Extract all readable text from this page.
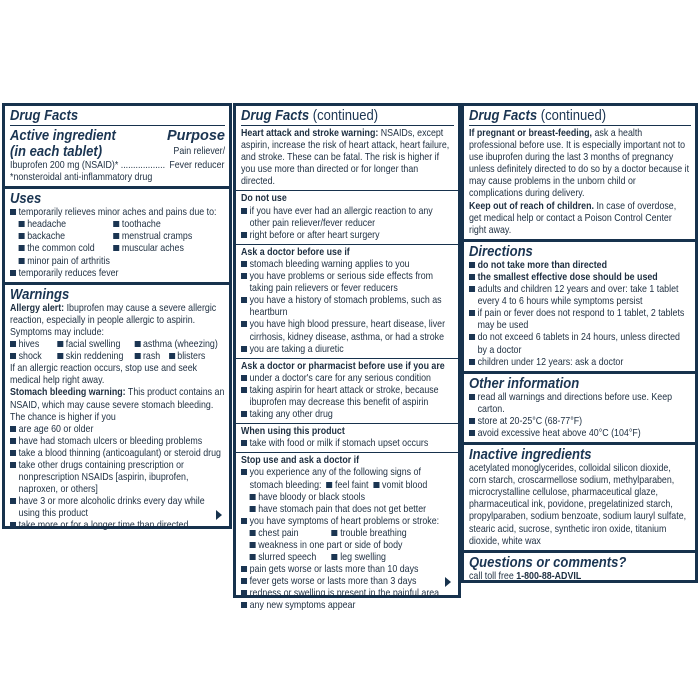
Drug Facts
Active ingredient
(in each tablet)
Purpose
Pain reliever/
Ibuprofen 200 mg (NSAID)* .................. Fever reducer
*nonsteroidal anti-inflammatory drug
Uses
temporarily relieves minor aches and pains due to:
headache	toothache
backache	menstrual cramps
the common cold	muscular aches
minor pain of arthritis
temporarily reduces fever
Warnings
Allergy alert: Ibuprofen may cause a severe allergic reaction, especially in people allergic to aspirin. Symptoms may include:
hives	facial swelling	asthma (wheezing)
shock	skin reddening	rash	blisters
If an allergic reaction occurs, stop use and seek medical help right away.
Stomach bleeding warning: This product contains an NSAID, which may cause severe stomach bleeding. The chance is higher if you
are age 60 or older
have had stomach ulcers or bleeding problems
take a blood thinning (anticoagulant) or steroid drug
take other drugs containing prescription or nonprescription NSAIDs [aspirin, ibuprofen, naproxen, or others]
have 3 or more alcoholic drinks every day while using this product
take more or for a longer time than directed
Drug Facts (continued)
Heart attack and stroke warning: NSAIDs, except aspirin, increase the risk of heart attack, heart failure, and stroke. These can be fatal. The risk is higher if you use more than directed or for longer than directed.
Do not use
if you have ever had an allergic reaction to any other pain reliever/fever reducer
right before or after heart surgery
Ask a doctor before use if
stomach bleeding warning applies to you
you have problems or serious side effects from taking pain relievers or fever reducers
you have a history of stomach problems, such as heartburn
you have high blood pressure, heart disease, liver cirrhosis, kidney disease, asthma, or had a stroke
you are taking a diuretic
Ask a doctor or pharmacist before use if you are
under a doctor's care for any serious condition
taking aspirin for heart attack or stroke, because ibuprofen may decrease this benefit of aspirin
taking any other drug
When using this product
take with food or milk if stomach upset occurs
Stop use and ask a doctor if
you experience any of the following signs of stomach bleeding: feel faint vomit blood
have bloody or black stools
have stomach pain that does not get better
you have symptoms of heart problems or stroke:
chest pain	trouble breathing
weakness in one part or side of body
slurred speech	leg swelling
pain gets worse or lasts more than 10 days
fever gets worse or lasts more than 3 days
redness or swelling is present in the painful area
any new symptoms appear
Drug Facts (continued)
If pregnant or breast-feeding, ask a health professional before use. It is especially important not to use ibuprofen during the last 3 months of pregnancy unless definitely directed to do so by a doctor because it may cause problems in the unborn child or complications during delivery.
Keep out of reach of children. In case of overdose, get medical help or contact a Poison Control Center right away.
Directions
do not take more than directed
the smallest effective dose should be used
adults and children 12 years and over: take 1 tablet every 4 to 6 hours while symptoms persist
if pain or fever does not respond to 1 tablet, 2 tablets may be used
do not exceed 6 tablets in 24 hours, unless directed by a doctor
children under 12 years: ask a doctor
Other information
read all warnings and directions before use. Keep carton.
store at 20-25°C (68-77°F)
avoid excessive heat above 40°C (104°F)
Inactive ingredients
acetylated monoglycerides, colloidal silicon dioxide, corn starch, croscarmellose sodium, methylparaben, microcrystalline cellulose, pharmaceutical glaze, pharmaceutical ink, povidone, pregelatinized starch, propylparaben, sodium benzoate, sodium lauryl sulfate, stearic acid, sucrose, synthetic iron oxide, titanium dioxide, white wax
Questions or comments?
call toll free 1-800-88-ADVIL
